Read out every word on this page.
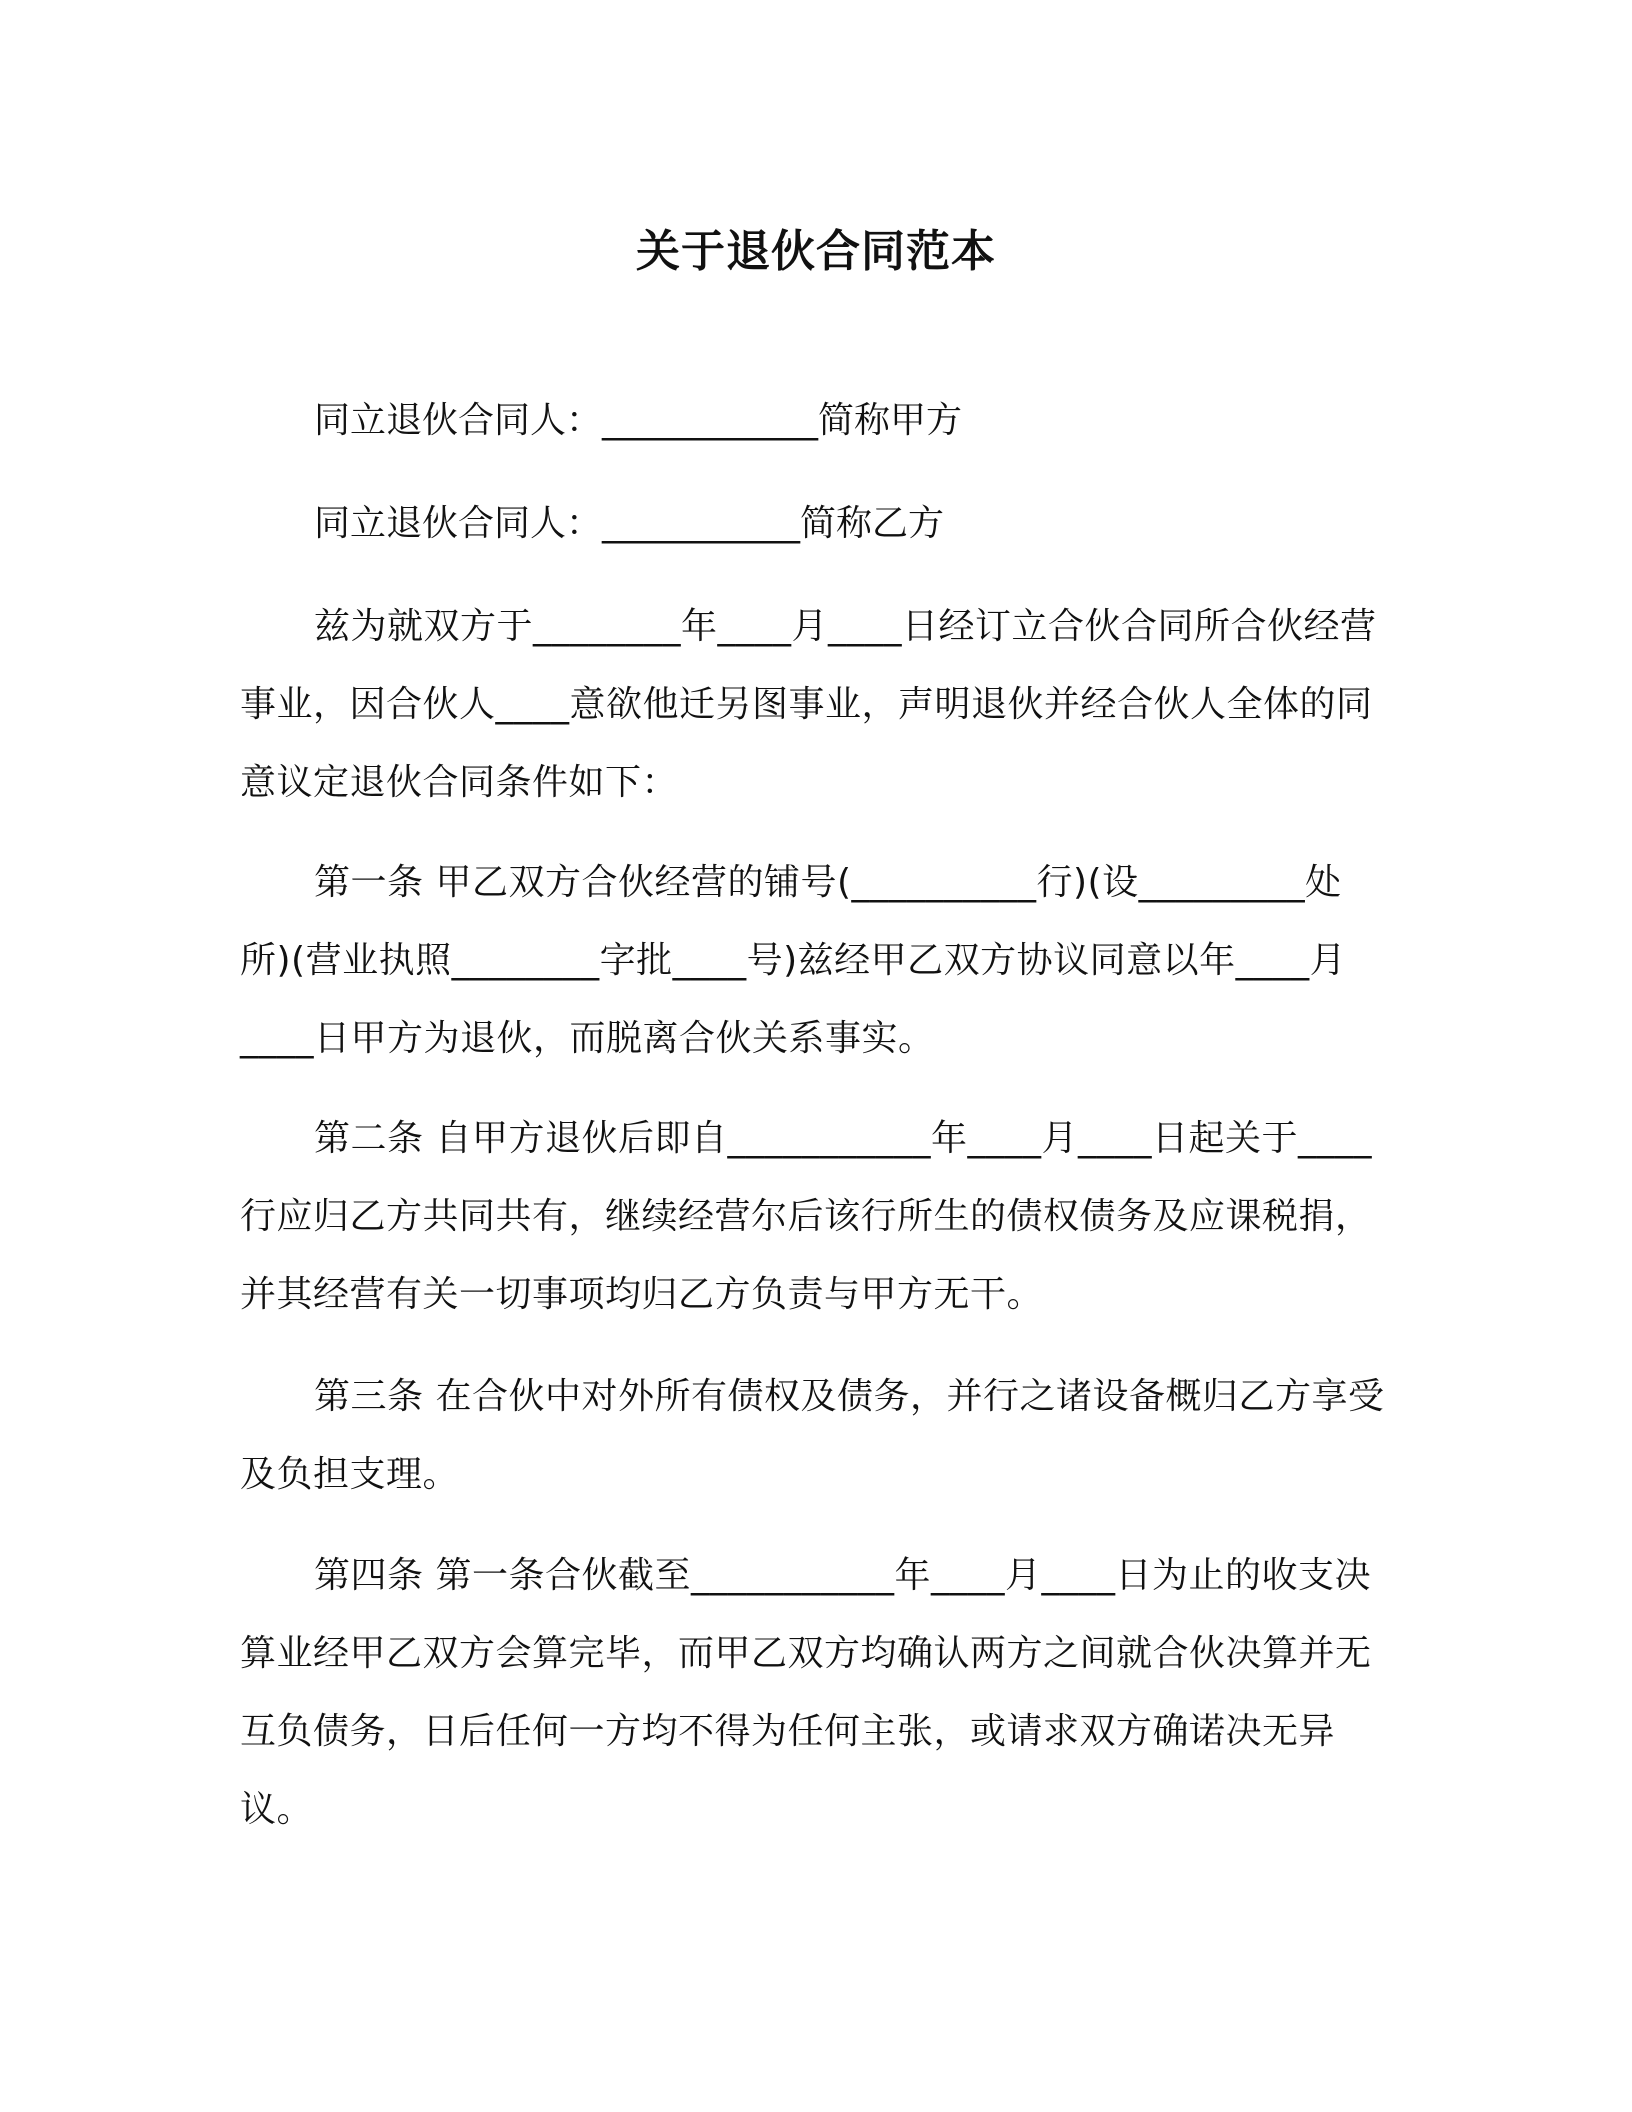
关于退伙合同范本
同立退伙合同人：____________简称甲方
同立退伙合同人：___________简称乙方

兹为就双方于________年____月____日经订立合伙合同所合伙经营事业，因合伙人____意欲他迁另图事业，声明退伙并经合伙人全体的同意议定退伙合同条件如下：

第一条 甲乙双方合伙经营的铺号(__________行)(设_________处所)(营业执照________字批____号)兹经甲乙双方协议同意以年____月____日甲方为退伙，而脱离合伙关系事实。

第二条 自甲方退伙后即自___________年____月____日起关于____行应归乙方共同共有，继续经营尔后该行所生的债权债务及应课税捐，并其经营有关一切事项均归乙方负责与甲方无干。

第三条 在合伙中对外所有债权及债务，并行之诸设备概归乙方享受及负担支理。

第四条 第一条合伙截至___________年____月____日为止的收支决算业经甲乙双方会算完毕，而甲乙双方均确认两方之间就合伙决算并无互负债务，日后任何一方均不得为任何主张，或请求双方确诺决无异议。
